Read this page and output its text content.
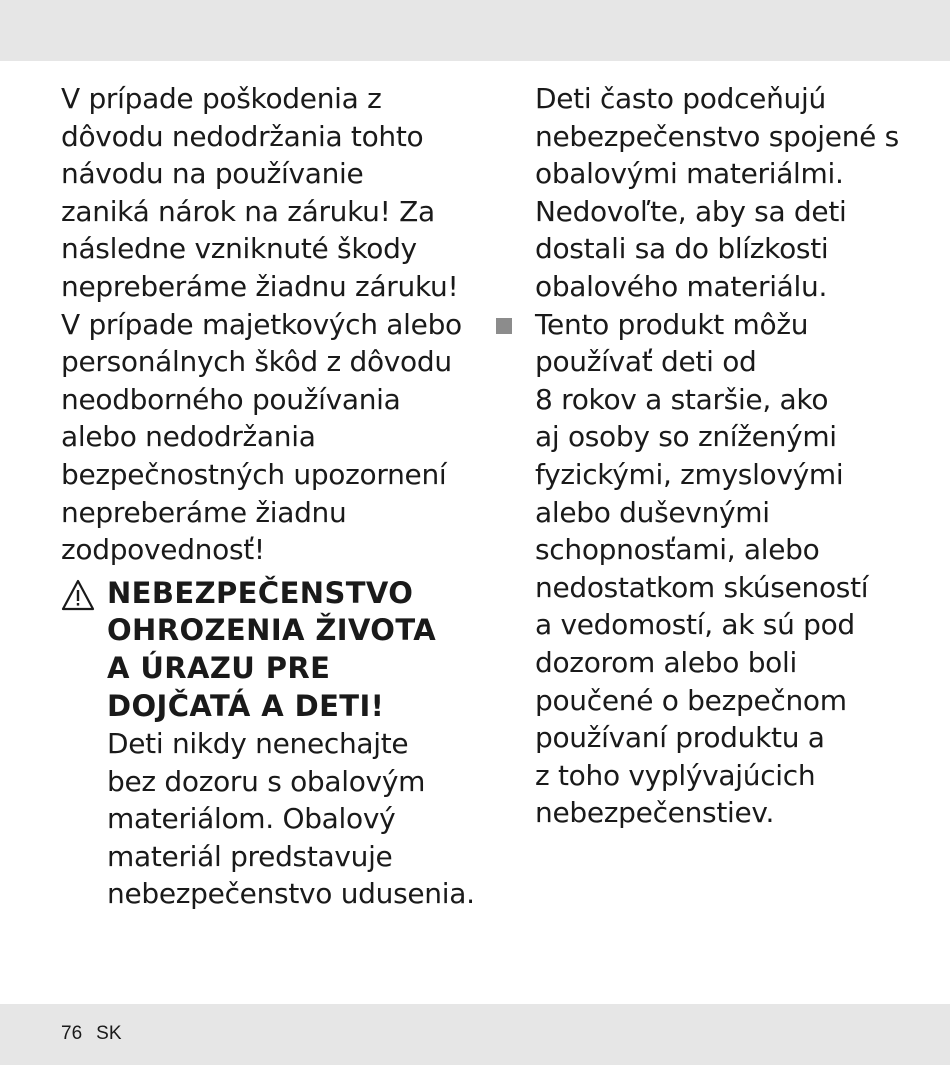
V prípade poškodenia z
dôvodu nedodržania tohto
návodu na používanie
zaniká nárok na záruku! Za
následne vzniknuté škody
nepreberáme žiadnu záruku!
V prípade majetkových alebo
personálnych škôd z dôvodu
neodborného používania
alebo nedodržania
bezpečnostných upozornení
nepreberáme žiadnu
zodpovednosť!

NEBEZPEČENSTVO
OHROZENIA ŽIVOTA
A ÚRAZU PRE
DOJČATÁ A DETI!

Deti nikdy nenechajte
bez dozoru s obalovým
materiálom. Obalový
materiál predstavuje
nebezpečenstvo udusenia.

Deti často podceňujú
nebezpečenstvo spojené s
obalovými materiálmi.
Nedovoľte, aby sa deti
dostali sa do blízkosti
obalového materiálu.

Tento produkt môžu
používať deti od
8 rokov a staršie, ako
aj osoby so zníženými
fyzickými, zmyslovými
alebo duševnými
schopnosťami, alebo
nedostatkom skúseností
a vedomostí, ak sú pod
dozorom alebo boli
poučené o bezpečnom
používaní produktu a
z toho vyplývajúcich
nebezpečenstiev.

76 SK
